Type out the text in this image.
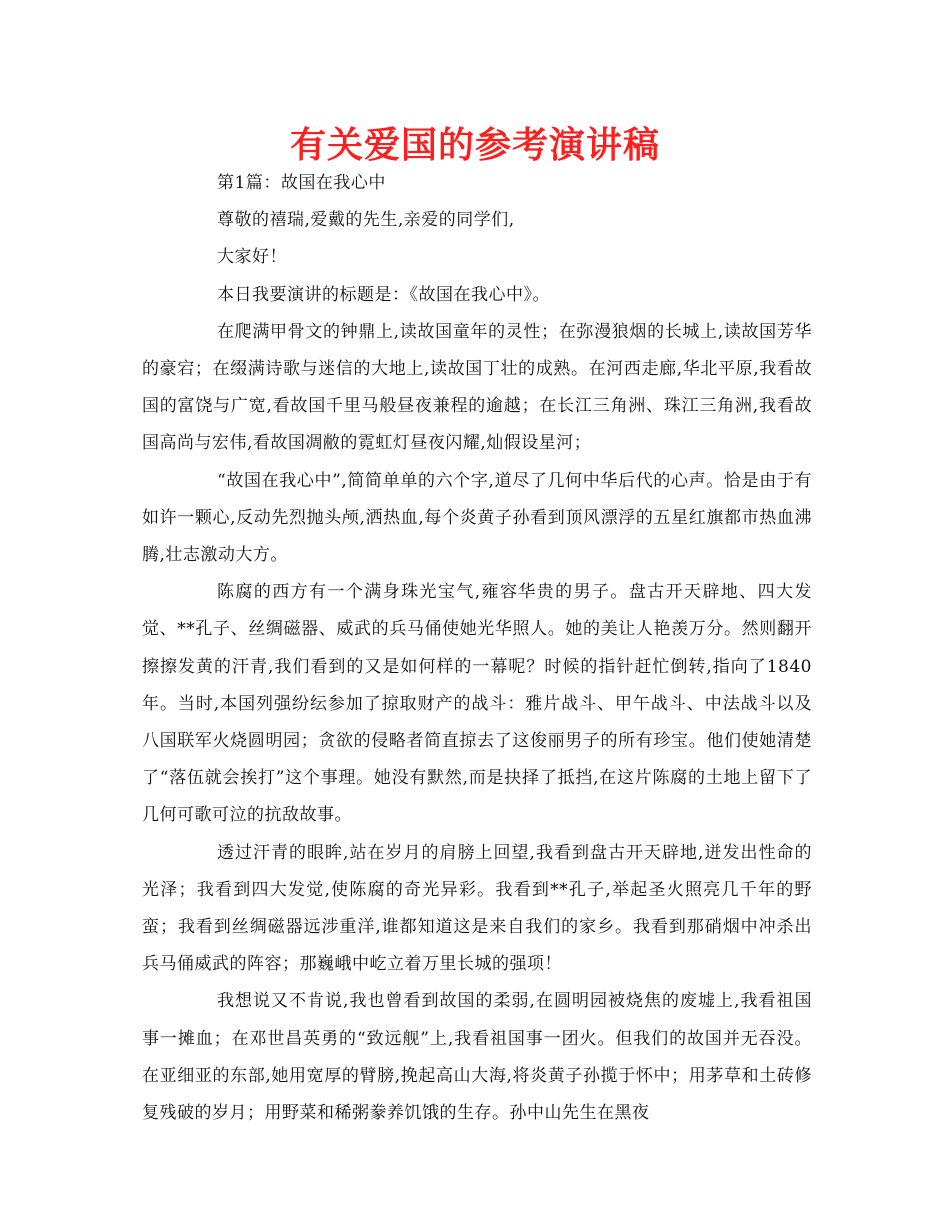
有关爱国的参考演讲稿

第1篇：故国在我心中

尊敬的禧瑞,爱戴的先生,亲爱的同学们,

大家好！

本日我要演讲的标题是：《故国在我心中》。

在爬满甲骨文的钟鼎上,读故国童年的灵性；在弥漫狼烟的长城上,读故国芳华的豪宕；在缀满诗歌与迷信的大地上,读故国丁壮的成熟。在河西走廊,华北平原,我看故国的富饶与广宽,看故国千里马般昼夜兼程的逾越；在长江三角洲、珠江三角洲,我看故国高尚与宏伟,看故国凋敝的霓虹灯昼夜闪耀,灿假设星河；

“故国在我心中”,简简单单的六个字,道尽了几何中华后代的心声。恰是由于有如许一颗心,反动先烈抛头颅,洒热血,每个炎黄子孙看到顶风漂浮的五星红旗都市热血沸腾,壮志激动大方。

陈腐的西方有一个满身珠光宝气,雍容华贵的男子。盘古开天辟地、四大发觉、**孔子、丝绸磁器、威武的兵马俑使她光华照人。她的美让人艳羡万分。然则翻开擦擦发黄的汗青,我们看到的又是如何样的一幕呢？时候的指针赶忙倒转,指向了1840年。当时,本国列强纷纭参加了掠取财产的战斗：雅片战斗、甲午战斗、中法战斗以及八国联军火烧圆明园；贪欲的侵略者简直掠去了这俊丽男子的所有珍宝。他们使她清楚了“落伍就会挨打”这个事理。她没有默然,而是抉择了抵挡,在这片陈腐的土地上留下了几何可歌可泣的抗敌故事。

透过汗青的眼眸,站在岁月的肩膀上回望,我看到盘古开天辟地,迸发出性命的光泽；我看到四大发觉,使陈腐的奇光异彩。我看到**孔子,举起圣火照亮几千年的野蛮；我看到丝绸磁器远涉重洋,谁都知道这是来自我们的家乡。我看到那硝烟中冲杀出兵马俑威武的阵容；那巍峨中屹立着万里长城的强项！

我想说又不肯说,我也曾看到故国的柔弱,在圆明园被烧焦的废墟上,我看祖国事一摊血；在邓世昌英勇的“致远舰”上,我看祖国事一团火。但我们的故国并无吞没。在亚细亚的东部,她用宽厚的臂膀,挽起高山大海,将炎黄子孙揽于怀中；用茅草和土砖修复残破的岁月；用野菜和稀粥豢养饥饿的生存。孙中山先生在黑夜
